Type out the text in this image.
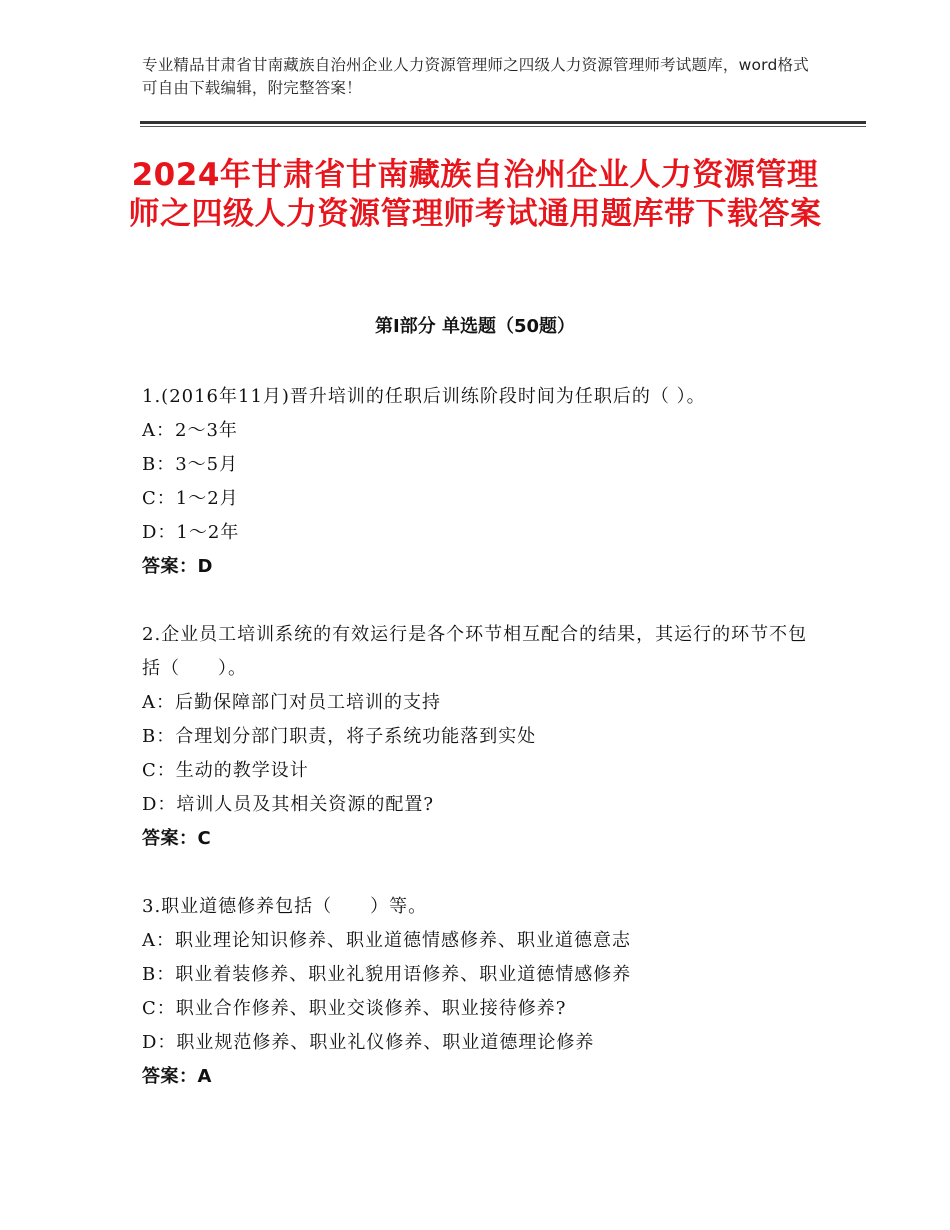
专业精品甘肃省甘南藏族自治州企业人力资源管理师之四级人力资源管理师考试题库，word格式可自由下载编辑，附完整答案！
2024年甘肃省甘南藏族自治州企业人力资源管理师之四级人力资源管理师考试通用题库带下载答案
第Ⅰ部分 单选题（50题）
1.(2016年11月)晋升培训的任职后训练阶段时间为任职后的（ ）。
A：2～3年
B：3～5月
C：1～2月
D：1～2年
答案：D
2.企业员工培训系统的有效运行是各个环节相互配合的结果，其运行的环节不包括（　　）。
A：后勤保障部门对员工培训的支持
B：合理划分部门职责，将子系统功能落到实处
C：生动的教学设计
D：培训人员及其相关资源的配置?
答案：C
3.职业道德修养包括（　　）等。
A：职业理论知识修养、职业道德情感修养、职业道德意志
B：职业着装修养、职业礼貌用语修养、职业道德情感修养
C：职业合作修养、职业交谈修养、职业接待修养?
D：职业规范修养、职业礼仪修养、职业道德理论修养
答案：A
